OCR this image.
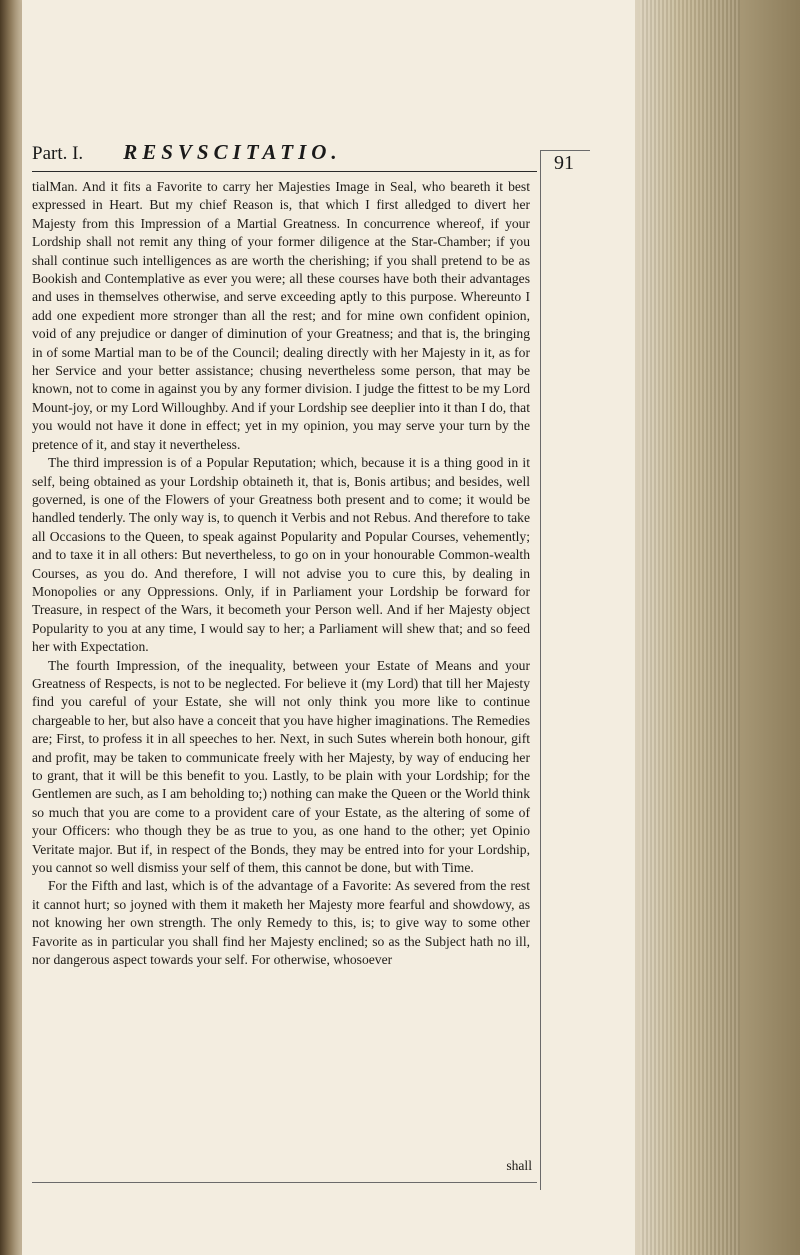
Part. I. RESVSCITATIO.	91

tialMan. And it fits a Favorite to carry her Majesties Image in Seal, who beareth it best expressed in Heart. But my chief Reason is, that which I first alledged to divert her Majesty from this Impression of a Martial Greatness. In concurrence whereof, if your Lordship shall not remit any thing of your former diligence at the Star-Chamber; if you shall continue such intelligences as are worth the cherishing; if you shall pretend to be as Bookish and Contemplative as ever you were; all these courses have both their advantages and uses in themselves otherwise, and serve exceeding aptly to this purpose. Whereunto I add one expedient more stronger than all the rest; and for mine own confident opinion, void of any prejudice or danger of diminution of your Greatness; and that is, the bringing in of some Martial man to be of the Council; dealing directly with her Majesty in it, as for her Service and your better assistance; chusing nevertheless some person, that may be known, not to come in against you by any former division. I judge the fittest to be my Lord Mount-joy, or my Lord Willoughby. And if your Lordship see deeplier into it than I do, that you would not have it done in effect; yet in my opinion, you may serve your turn by the pretence of it, and stay it nevertheless.

The third impression is of a Popular Reputation; which, because it is a thing good in it self, being obtained as your Lordship obtaineth it, that is, Bonis artibus; and besides, well governed, is one of the Flowers of your Greatness both present and to come; it would be handled tenderly. The only way is, to quench it Verbis and not Rebus. And therefore to take all Occasions to the Queen, to speak against Popularity and Popular Courses, vehemently; and to taxe it in all others: But nevertheless, to go on in your honourable Common-wealth Courses, as you do. And therefore, I will not advise you to cure this, by dealing in Monopolies or any Oppressions. Only, if in Parliament your Lordship be forward for Treasure, in respect of the Wars, it becometh your Person well. And if her Majesty object Popularity to you at any time, I would say to her; a Parliament will shew that; and so feed her with Expectation.

The fourth Impression, of the inequality, between your Estate of Means and your Greatness of Respects, is not to be neglected. For believe it (my Lord) that till her Majesty find you careful of your Estate, she will not only think you more like to continue chargeable to her, but also have a conceit that you have higher imaginations. The Remedies are; First, to profess it in all speeches to her. Next, in such Sutes wherein both honour, gift and profit, may be taken to communicate freely with her Majesty, by way of enducing her to grant, that it will be this benefit to you. Lastly, to be plain with your Lordship; for the Gentlemen are such, as I am beholding to;) nothing can make the Queen or the World think so much that you are come to a provident care of your Estate, as the altering of some of your Officers: who though they be as true to you, as one hand to the other; yet Opinio Veritate major. But if, in respect of the Bonds, they may be entred into for your Lordship, you cannot so well dismiss your self of them, this cannot be done, but with Time.

For the Fifth and last, which is of the advantage of a Favorite: As severed from the rest it cannot hurt; so joyned with them it maketh her Majesty more fearful and showdowy, as not knowing her own strength. The only Remedy to this, is; to give way to some other Favorite as in particular you shall find her Majesty enclined; so as the Subject hath no ill, nor dangerous aspect towards your self. For otherwise, whosoever

shall
